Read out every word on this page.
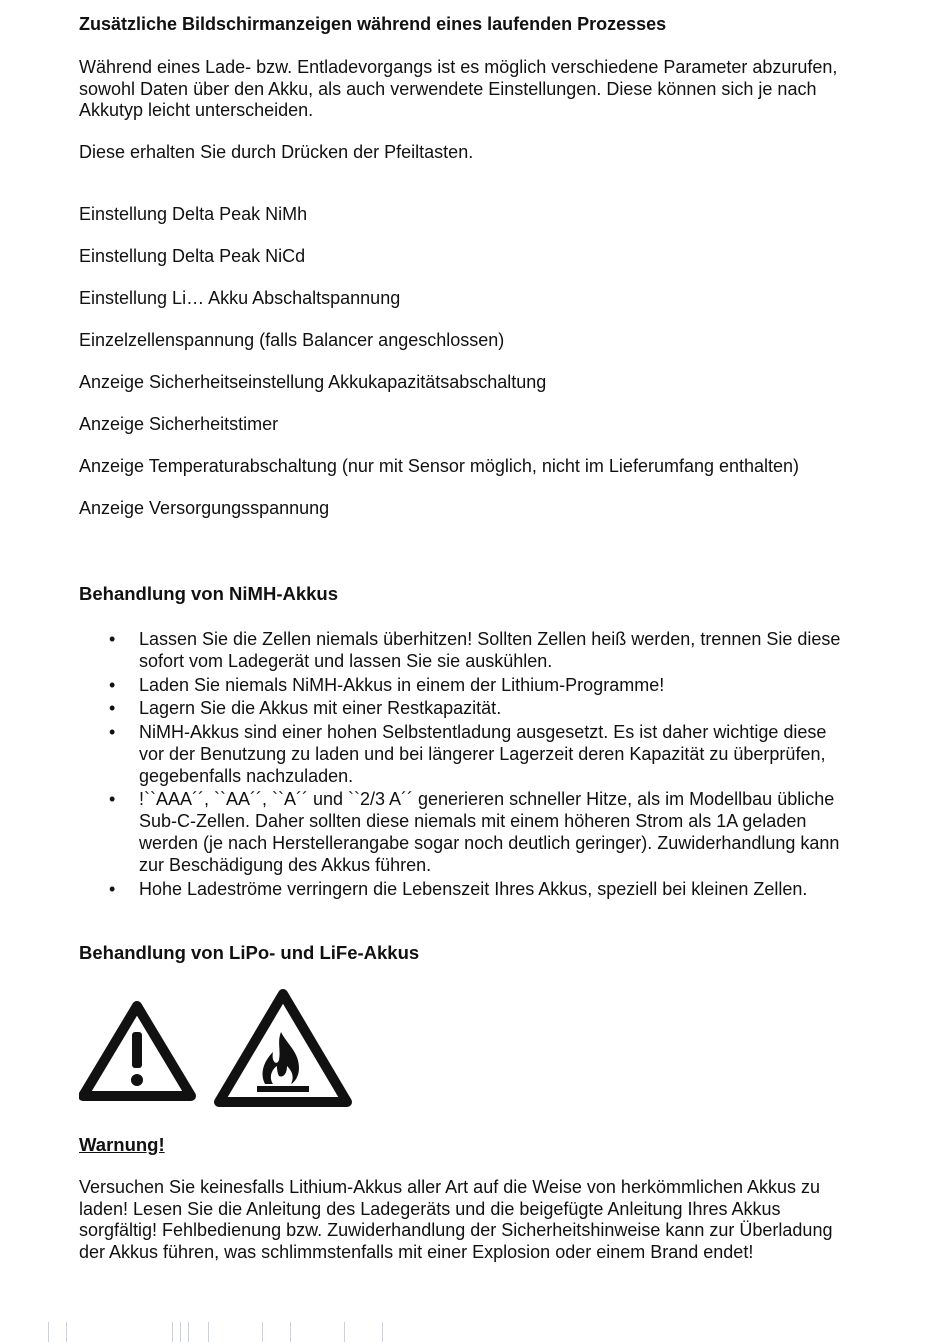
Zusätzliche Bildschirmanzeigen während eines laufenden Prozesses

Während eines Lade- bzw. Entladevorgangs ist es möglich verschiedene Parameter abzurufen, sowohl Daten über den Akku, als auch verwendete Einstellungen. Diese können sich je nach Akkutyp leicht unterscheiden.

Diese erhalten Sie durch Drücken der Pfeiltasten.
Einstellung Delta Peak NiMh
Einstellung Delta Peak NiCd
Einstellung Li… Akku Abschaltspannung
Einzelzellenspannung (falls Balancer angeschlossen)
Anzeige Sicherheitseinstellung Akkukapazitätsabschaltung
Anzeige Sicherheitstimer
Anzeige Temperaturabschaltung (nur mit Sensor möglich, nicht im Lieferumfang enthalten)
Anzeige Versorgungsspannung
Behandlung von NiMH-Akkus
• Lassen Sie die Zellen niemals überhitzen! Sollten Zellen heiß werden, trennen Sie diese sofort vom Ladegerät und lassen Sie sie auskühlen.
• Laden Sie niemals NiMH-Akkus in einem der Lithium-Programme!
• Lagern Sie die Akkus mit einer Restkapazität.
• NiMH-Akkus sind einer hohen Selbstentladung ausgesetzt. Es ist daher wichtige diese vor der Benutzung zu laden und bei längerer Lagerzeit deren Kapazität zu überprüfen, gegebenfalls nachzuladen.
• !``AAA´´, ``AA´´, ``A´´ und ``2/3 A´´ generieren schneller Hitze, als im Modellbau übliche Sub-C-Zellen. Daher sollten diese niemals mit einem höheren Strom als 1A geladen werden (je nach Herstellerangabe sogar noch deutlich geringer). Zuwiderhandlung kann zur Beschädigung des Akkus führen.
• Hohe Ladeströme verringern die Lebenszeit Ihres Akkus, speziell bei kleinen Zellen.
Behandlung von LiPo- und LiFe-Akkus
Warnung!

Versuchen Sie keinesfalls Lithium-Akkus aller Art auf die Weise von herkömmlichen Akkus zu laden! Lesen Sie die Anleitung des Ladegeräts und die beigefügte Anleitung Ihres Akkus sorgfältig! Fehlbedienung bzw. Zuwiderhandlung der Sicherheitshinweise kann zur Überladung der Akkus führen, was schlimmstenfalls mit einer Explosion oder einem Brand endet!
